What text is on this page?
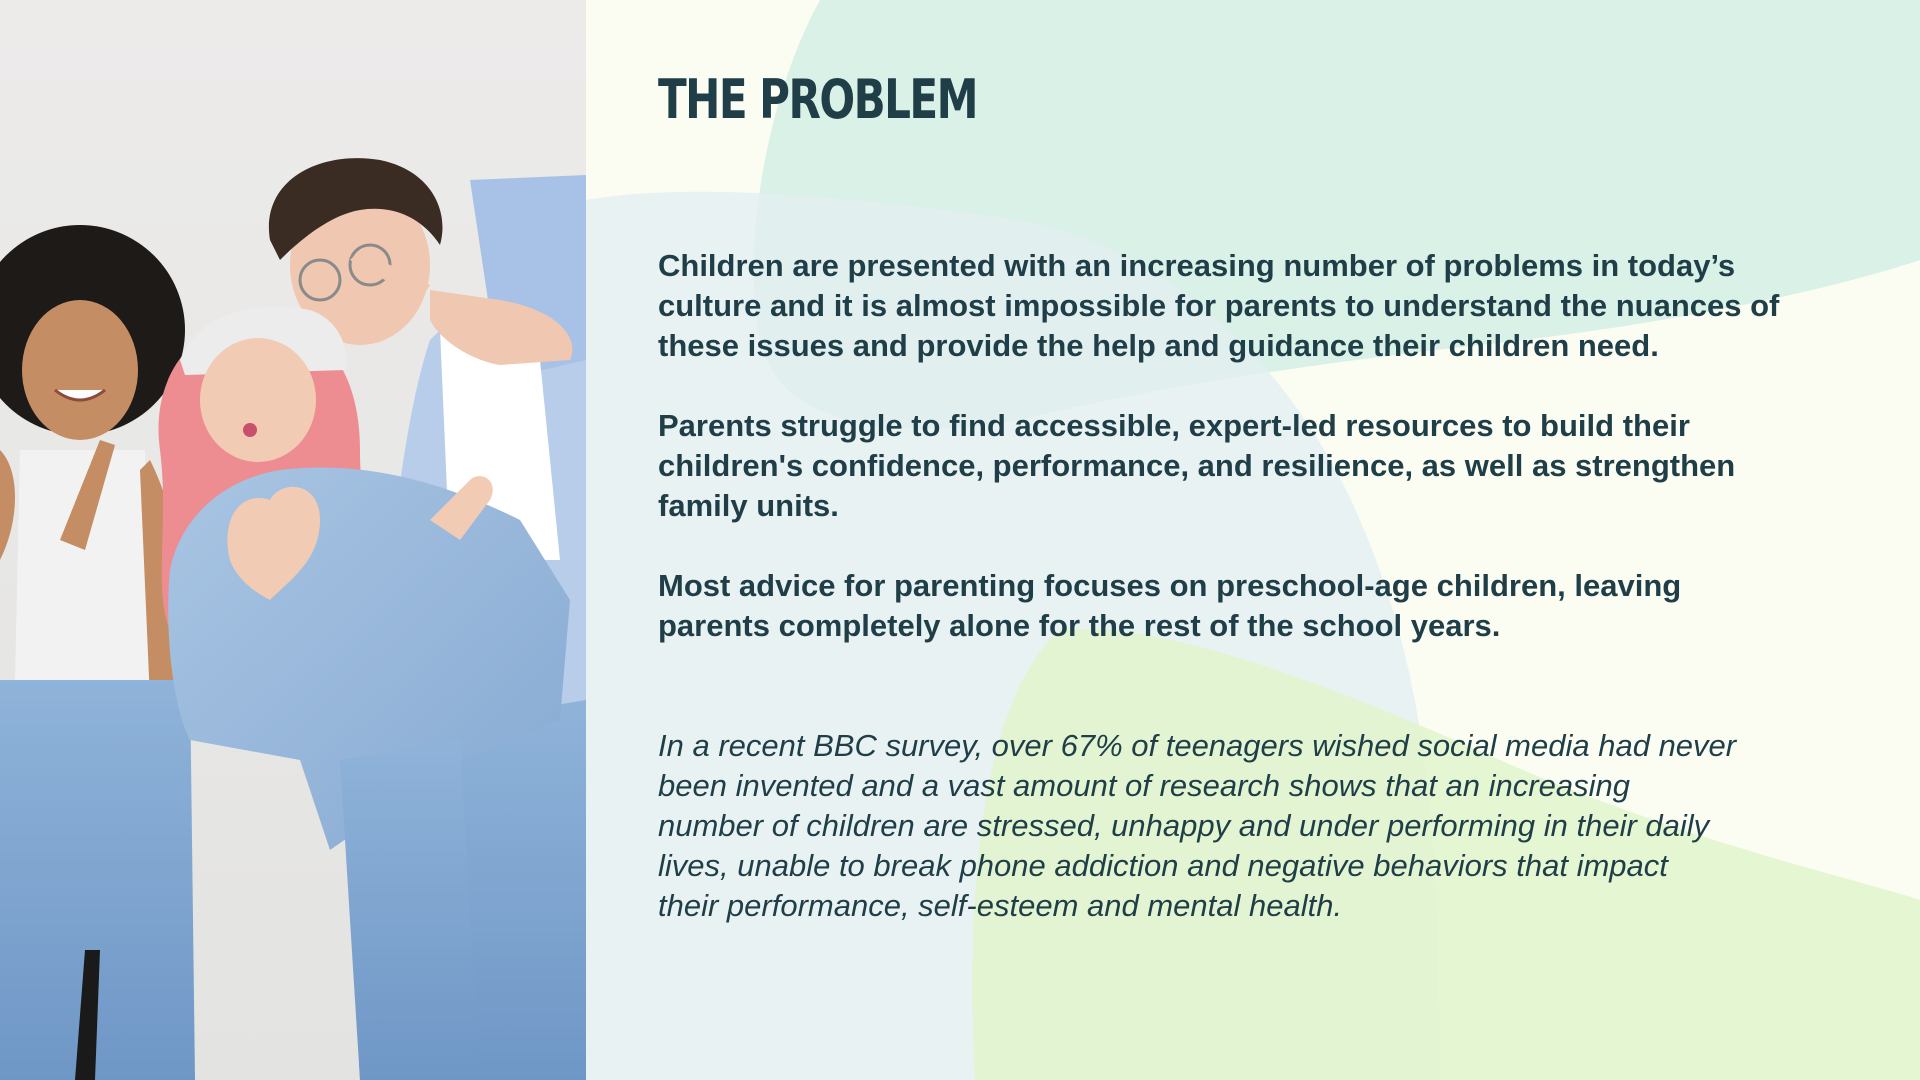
THE PROBLEM

Children are presented with an increasing number of problems in today’s
culture and it is almost impossible for parents to understand the nuances of
these issues and provide the help and guidance their children need.

Parents struggle to find accessible, expert-led resources to build their
children's confidence, performance, and resilience, as well as strengthen
family units.

Most advice for parenting focuses on preschool-age children, leaving
parents completely alone for the rest of the school years.

In a recent BBC survey, over 67% of teenagers wished social media had never
been invented and a vast amount of research shows that an increasing
number of children are stressed, unhappy and under performing in their daily
lives, unable to break phone addiction and negative behaviors that impact
their performance, self-esteem and mental health.
